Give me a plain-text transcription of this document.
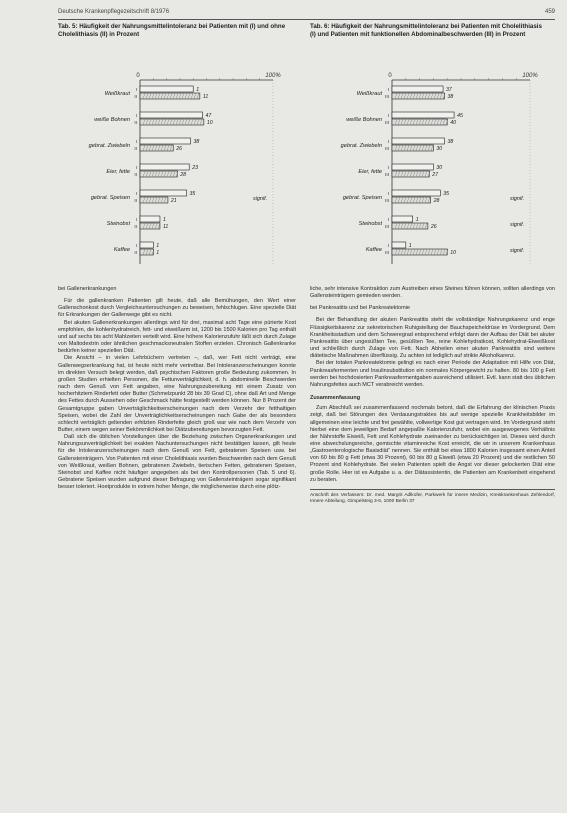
Deutsche Krankenpflegezeitschrift 8/1976	459
Tab. 5: Häufigkeit der Nahrungsmittelintoleranz bei Patienten mit (I) und ohne Cholelithiasis (II) in Prozent
Tab. 6: Häufigkeit der Nahrungsmittelintoleranz bei Patienten mit Cholelithiasis (I) und Patienten mit funktionellen Abdominalbeschwerden (III) in Prozent
0	100%
Weißkraut
I	1
II	11
weiße Bohnen
I	47
II	10
gebrat. Zwiebeln
I	38
II	26
Eier, fette
I	23
II	28
gebrat. Speisen
I	35
II	21	signif.
Steinobst
I	1
II	11
Kaffee
I	1
II	1
0	100%
Weißkraut
I	37
III	38
weiße Bohnen
I	45
III	40
gebrat. Zwiebeln
I	38
III	30
Eier, fette
I	30
III	27
gebrat. Speisen
I	35
III	28	signif.
Steinobst
I	1
III	26	signif.
Kaffee
I	1
III	10	signif.
bei Gallenerkrankungen

Für die gallenkranken Patienten gilt heute, daß alle Bemühungen, den Wert einer Gallenschonkost durch Vergleichsuntersuchungen zu beweisen, fehlschlugen. Eine spezielle Diät für Erkrankungen der Gallenwege gibt es nicht.

Bei akuten Gallenerkrankungen allerdings wird für drei, maximal acht Tage eine pürierte Kost empfohlen, die kohlenhydratreich, fett- und eiweißarm ist, 1200 bis 1500 Kalorien pro Tag enthält und auf sechs bis acht Mahlzeiten verteilt wird. Eine höhere Kalorienzufuhr läßt sich durch Zulage von Maltodextrin oder ähnlichen geschmacksneutralen Stoffen erzielen. Chronisch Gallenkranke bedürfen keiner speziellen Diät.

Die Ansicht – in vielen Lehrbüchern vertreten –, daß, wer Fett nicht verträgt, eine Gallenwegserkrankung hat, ist heute nicht mehr vertretbar. Bei Intoleranzerscheinungen konnte im direkten Versuch belegt werden, daß psychischen Faktoren große Bedeutung zukommen. In großen Studien erhielten Personen, die Fettunverträglichkeit, d. h. abdominelle Beschwerden nach dem Genuß von Fett angaben, eine Nahrungszubereitung mit einem Zusatz von hocherhitztem Rinderfett oder Butter (Schmelzpunkt 28 bis 39 Grad C), ohne daß Art und Menge des Fettes durch Aussehen oder Geschmack hätte festgestellt werden können. Nur 8 Prozent der Gesamtgruppe gaben Unverträglichkeitserscheinungen nach dem Verzehr der fetthaltigen Speisen, wobei die Zahl der Unverträglichkeitserscheinungen nach Gabe der als besonders schlecht verträglich geltenden erhitzten Rinderfette gleich groß war wie nach dem Verzehr von Butter, einem wegen seiner Bekömmlichkeit bei Diätzubereitungen bevorzugten Fett.

Daß sich die üblichen Vorstellungen über die Beziehung zwischen Organerkrankungen und Nahrungsunverträglichkeit bei exakten Nachuntersuchungen nicht bestätigen lassen, gilt heute für die Intoleranzerscheinungen nach dem Genuß von Fett, gebratenen Speisen usw. bei Gallensteinträgern. Von Patienten mit einer Cholelithiasis wurden Beschwerden nach dem Genuß von Weißkraut, weißen Bohnen, gebratenen Zwiebeln, tierischen Fetten, gebratenen Speisen, Steinobst und Kaffee nicht häufiger angegeben als bei den Kontrollpersonen (Tab. 5 und 6). Gebratene Speisen wurden aufgrund dieser Befragung von Gallensteinträgern sogar signifikant besser toleriert. Hoetprodukte in extrem hoher Menge, die möglicherweise durch eine plötz-

liche, sehr intensive Kontraktion zum Austreiben eines Steines führen können, sollten allerdings von Gallensteinträgern gemieden werden.

bei Pankreatitis und bei Pankreatektomie

Bei der Behandlung der akuten Pankreatitis steht die vollständige Nahrungskarenz und enge Flüssigkeitskarenz zur sekretorischen Ruhigstellung der Bauchspeicheldrüse im Vordergrund. Dem Krankheitsstadium und dem Schweregrad entsprechend erfolgt dann der Aufbau der Diät bei akuter Pankreatitis über ungesüßten Tee, gesüßten Tee, reine Kohlehydratkost, Kohlehydrat-Eiweißkost und schließlich durch Zulage von Fett. Nach Abheilen einer akuten Pankreatitis sind weitere diätetische Maßnahmen überflüssig. Zu achten ist lediglich auf strikte Alkoholkarenz.

Bei der totalen Pankreatektomie gelingt es nach einer Periode der Adaptation mit Hilfe von Diät, Pankreasfermenten und Insulinsubstitution ein normales Körpergewicht zu halten. 80 bis 100 g Fett werden bei hochdosierten Pankreasfermentgaben ausreichend utilisiert. Evtl. kann statt des üblichen Nahrungsfettes auch MCT verabreicht werden.

Zusammenfassung

Zum Abschluß sei zusammenfassend nochmals betont, daß die Erfahrung der klinischen Praxis zeigt, daß bei Störungen des Verdauungstraktes bis auf wenige spezielle Krankheitsbilder im allgemeinen eine leichte und frei gewählte, vollwertige Kost gut vertragen wird. Im Vordergrund steht hierbei eine dem jeweiligen Bedarf angepaßte Kalorienzufuhr, wobei ein ausgewogenes Verhältnis der Nährstoffe Eiweiß, Fett und Kohlehydrate zueinander zu berücksichtigen ist. Dieses wird durch eine abwechslungsreiche, gemischte vitaminreiche Kost erreicht, die wir in unserem Krankenhaus „Gastroenterologische Basisdiät“ nennen. Sie enthält bei etwa 1800 Kalorien insgesamt einen Anteil von 60 bis 80 g Fett (etwa 30 Prozent), 60 bis 80 g Eiweiß (etwa 20 Prozent) und die restlichen 50 Prozent sind Kohlehydrate. Bei vielen Patienten spielt die Angst vor dieser gelockerten Diät eine große Rolle. Hier ist es Aufgabe u. a. der Diätassistentin, die Patienten am Krankenbett eingehend zu beraten.

Anschrift des Verfassers: Dr. med. Margrit Adlkofer, Parkwerk für innere Medizin, Kreiskrankenhaus Zehlendorf, Innere Abteilung, Gimpelsteig 3-6, 1000 Berlin 37
